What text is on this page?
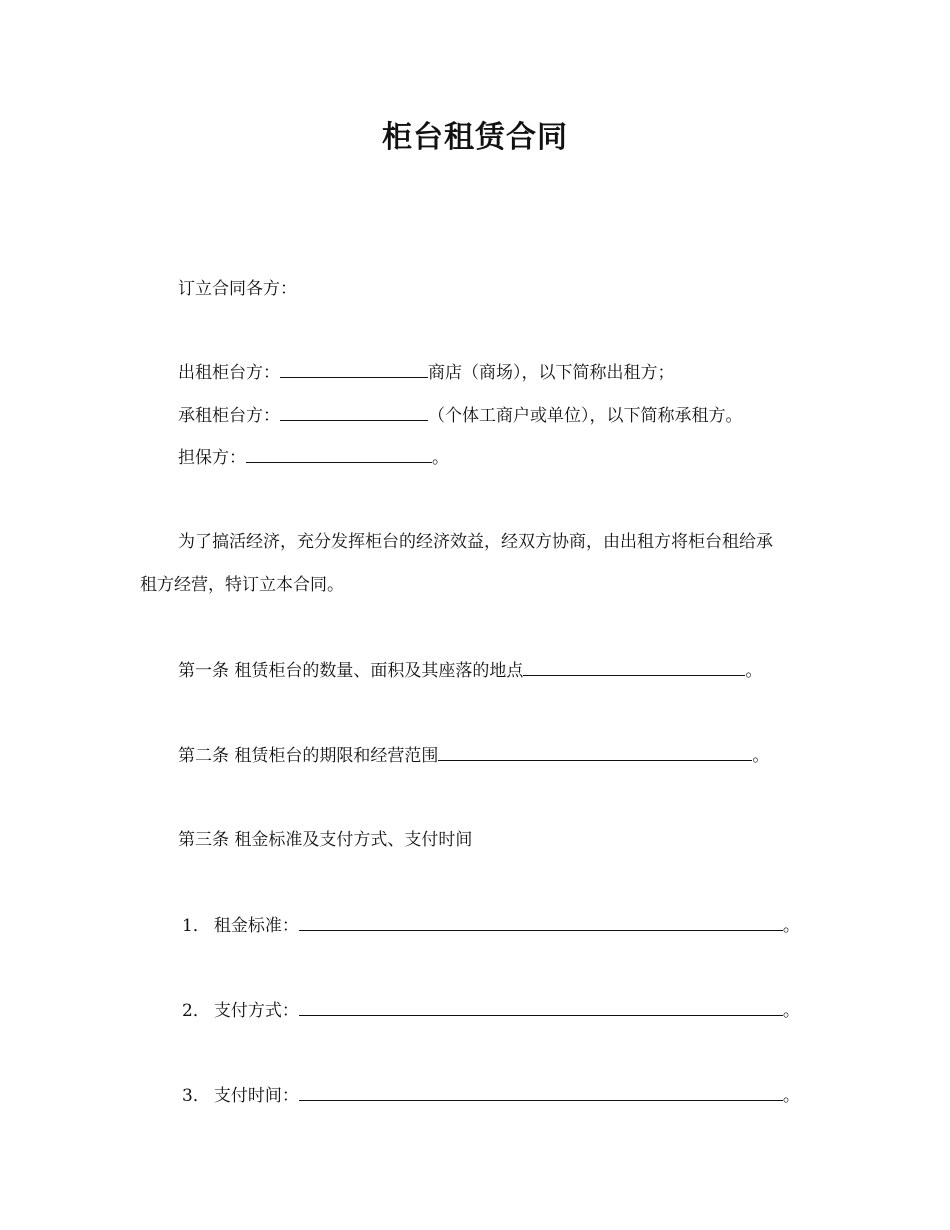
柜台租赁合同
订立合同各方：
出租柜台方：	商店（商场），以下简称出租方；
承租柜台方：	（个体工商户或单位），以下简称承租方。
担保方：	。
为了搞活经济，充分发挥柜台的经济效益，经双方协商，由出租方将柜台租给承
租方经营，特订立本合同。
第一条 租赁柜台的数量、面积及其座落的地点	。
第二条 租赁柜台的期限和经营范围	。
第三条 租金标准及支付方式、支付时间
1． 租金标准：	。
2． 支付方式：	。
3． 支付时间：	。
